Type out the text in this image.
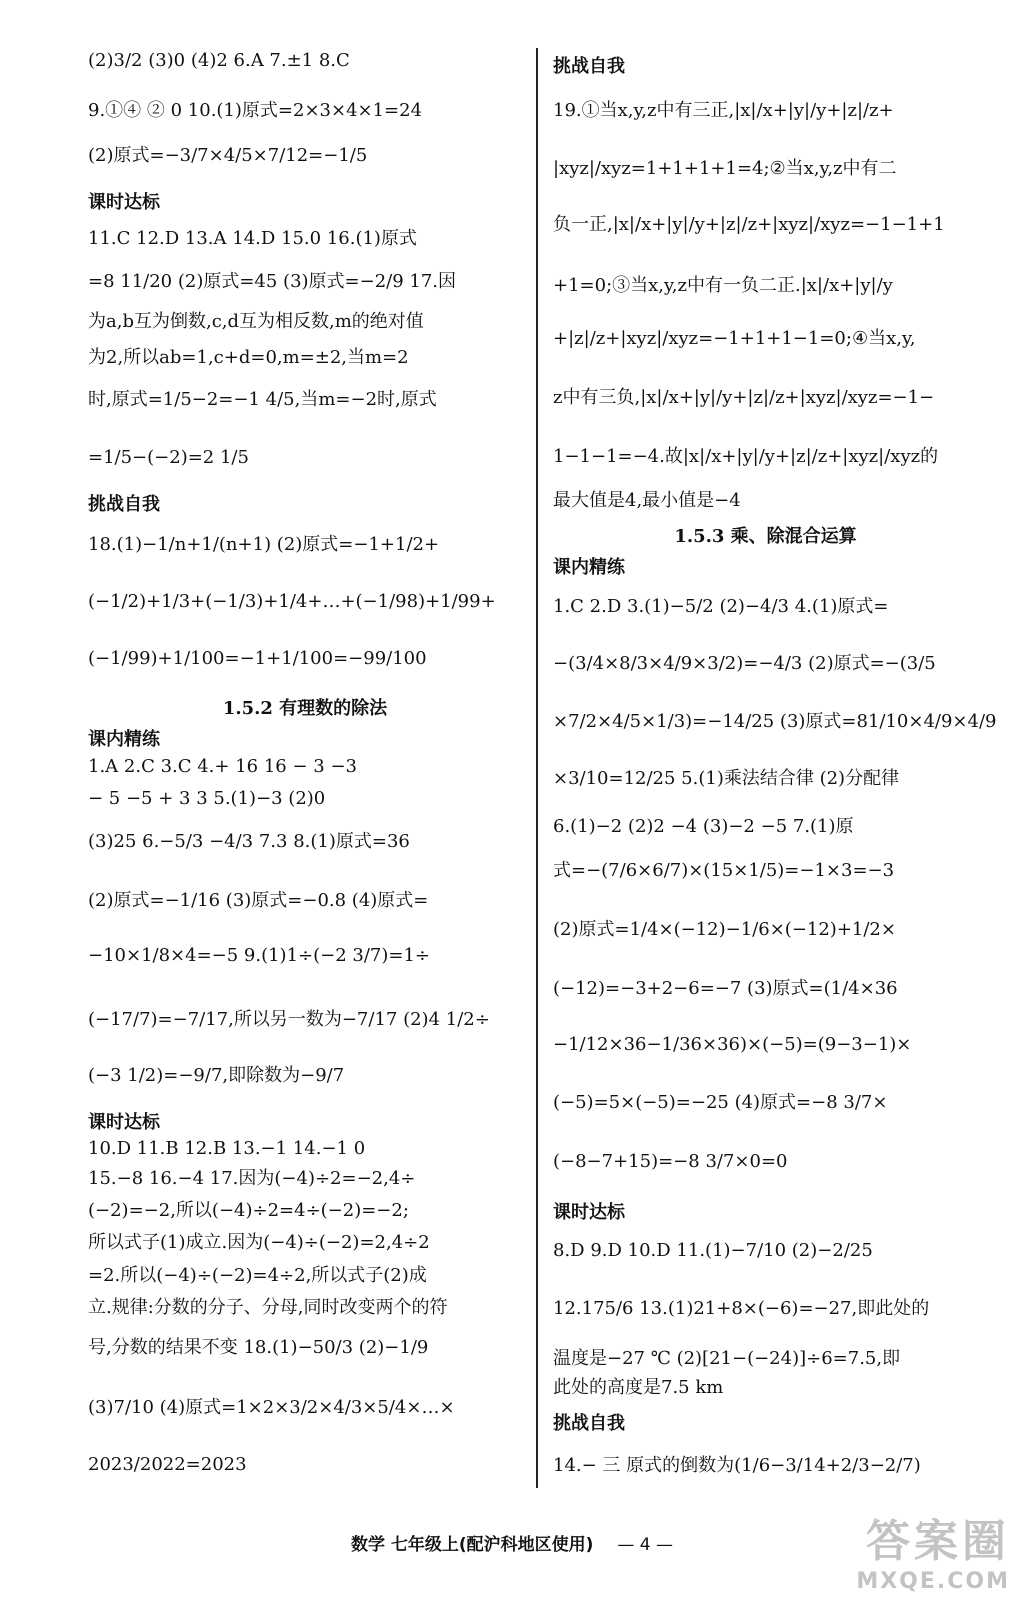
(2)3/2 (3)0 (4)2 6.A 7.±1 8.C
9.①④ ② 0 10.(1)原式=2×3×4×1=24
(2)原式=−3/7×4/5×7/12=−1/5
课时达标
11.C 12.D 13.A 14.D 15.0 16.(1)原式
=8 11/20 (2)原式=45 (3)原式=−2/9 17.因
为a,b互为倒数,c,d互为相反数,m的绝对值
为2,所以ab=1,c+d=0,m=±2,当m=2
时,原式=1/5−2=−1 4/5,当m=−2时,原式
=1/5−(−2)=2 1/5
挑战自我
18.(1)−1/n+1/(n+1) (2)原式=−1+1/2+
(−1/2)+1/3+(−1/3)+1/4+…+(−1/98)+1/99+
(−1/99)+1/100=−1+1/100=−99/100
1.5.2 有理数的除法
课内精练
1.A 2.C 3.C 4.+ 16 16 − 3 −3
− 5 −5 + 3 3 5.(1)−3 (2)0
(3)25 6.−5/3 −4/3 7.3 8.(1)原式=36
(2)原式=−1/16 (3)原式=−0.8 (4)原式=
−10×1/8×4=−5 9.(1)1÷(−2 3/7)=1÷
(−17/7)=−7/17,所以另一数为−7/17 (2)4 1/2÷
(−3 1/2)=−9/7,即除数为−9/7
课时达标
10.D 11.B 12.B 13.−1 14.−1 0
15.−8 16.−4 17.因为(−4)÷2=−2,4÷
(−2)=−2,所以(−4)÷2=4÷(−2)=−2;
所以式子(1)成立.因为(−4)÷(−2)=2,4÷2
=2.所以(−4)÷(−2)=4÷2,所以式子(2)成
立.规律:分数的分子、分母,同时改变两个的符
号,分数的结果不变 18.(1)−50/3 (2)−1/9
(3)7/10 (4)原式=1×2×3/2×4/3×5/4×…×
2023/2022=2023
挑战自我
19.①当x,y,z中有三正,|x|/x+|y|/y+|z|/z+
|xyz|/xyz=1+1+1+1=4;②当x,y,z中有二
负一正,|x|/x+|y|/y+|z|/z+|xyz|/xyz=−1−1+1
+1=0;③当x,y,z中有一负二正.|x|/x+|y|/y
+|z|/z+|xyz|/xyz=−1+1+1−1=0;④当x,y,
z中有三负,|x|/x+|y|/y+|z|/z+|xyz|/xyz=−1−
1−1−1=−4.故|x|/x+|y|/y+|z|/z+|xyz|/xyz的
最大值是4,最小值是−4
1.5.3 乘、除混合运算
课内精练
1.C 2.D 3.(1)−5/2 (2)−4/3 4.(1)原式=
−(3/4×8/3×4/9×3/2)=−4/3 (2)原式=−(3/5
×7/2×4/5×1/3)=−14/25 (3)原式=81/10×4/9×4/9
×3/10=12/25 5.(1)乘法结合律 (2)分配律
6.(1)−2 (2)2 −4 (3)−2 −5 7.(1)原
式=−(7/6×6/7)×(15×1/5)=−1×3=−3
(2)原式=1/4×(−12)−1/6×(−12)+1/2×
(−12)=−3+2−6=−7 (3)原式=(1/4×36
−1/12×36−1/36×36)×(−5)=(9−3−1)×
(−5)=5×(−5)=−25 (4)原式=−8 3/7×
(−8−7+15)=−8 3/7×0=0
课时达标
8.D 9.D 10.D 11.(1)−7/10 (2)−2/25
12.175/6 13.(1)21+8×(−6)=−27,即此处的
温度是−27 ℃ (2)[21−(−24)]÷6=7.5,即
此处的高度是7.5 km
挑战自我
14.− 三 原式的倒数为(1/6−3/14+2/3−2/7)
数学 七年级上(配沪科地区使用) — 4 —	答案圈
MXQE.COM
